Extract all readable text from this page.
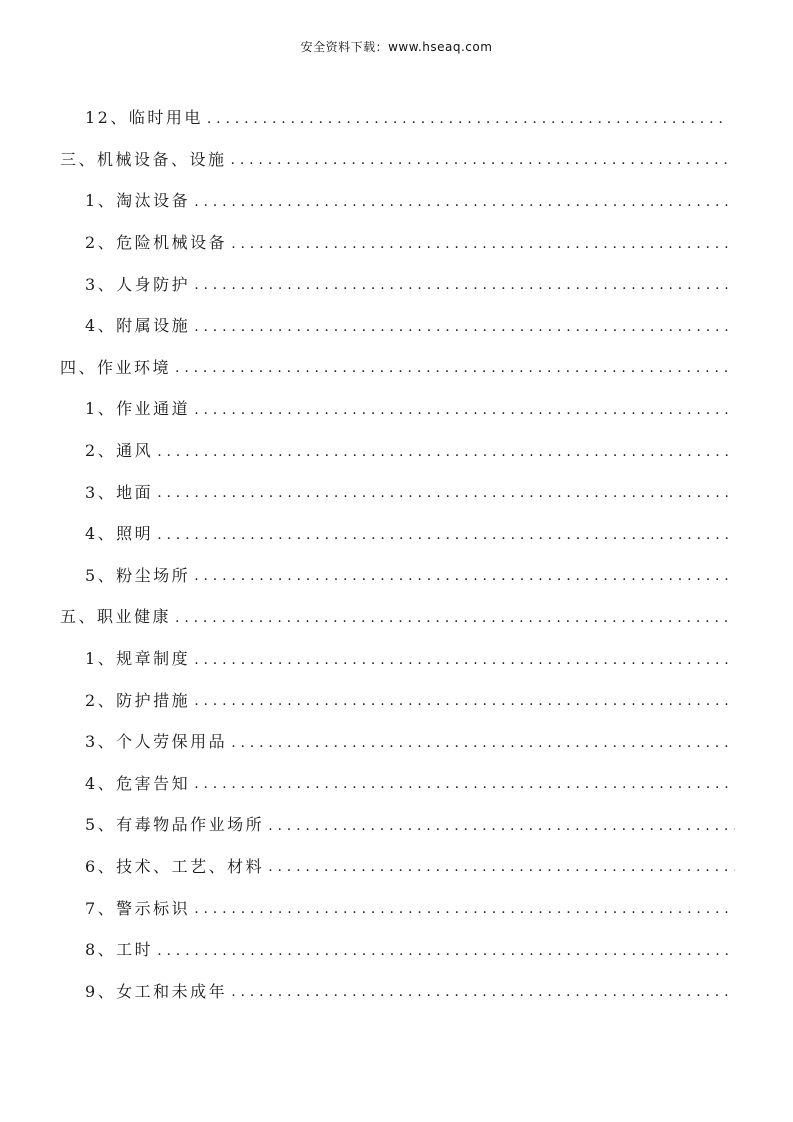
安全资料下载：www.hseaq.com
12、临时用电
. . .
三、机械设备、设施
. . .
1、淘汰设备
. . .
2、危险机械设备
. . .
3、人身防护
. . .
4、附属设施
. . .
四、作业环境
. . .
1、作业通道
. . .
2、通风
. . .
3、地面
. . .
4、照明
. . .
5、粉尘场所
. . .
五、职业健康
. . .
1、规章制度
. . .
2、防护措施
. . .
3、个人劳保用品
. . .
4、危害告知
. . .
5、有毒物品作业场所
. . .
6、技术、工艺、材料
. . .
7、警示标识
. . .
8、工时
. . .
9、女工和未成年
. . .
